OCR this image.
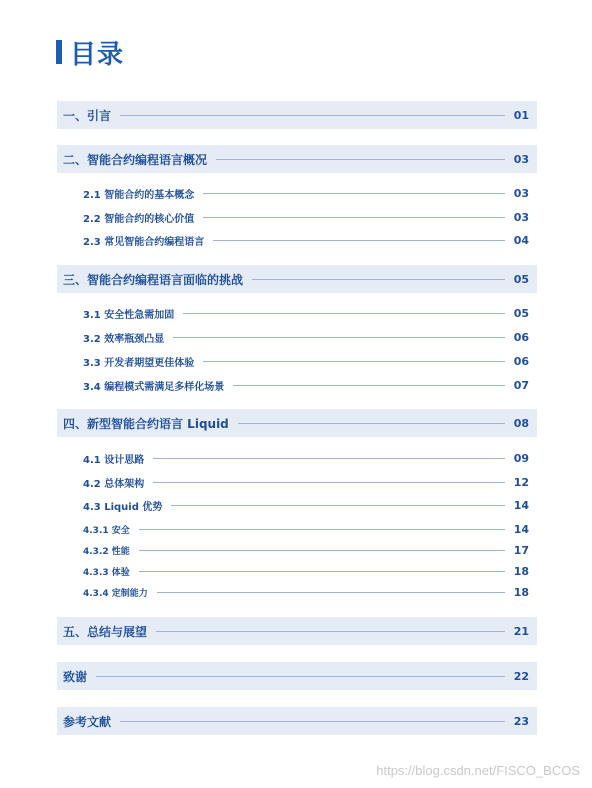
目录
一、引言	01
二、智能合约编程语言概况	03
2.1 智能合约的基本概念	03
2.2 智能合约的核心价值	03
2.3 常见智能合约编程语言	04
三、智能合约编程语言面临的挑战	05
3.1 安全性急需加固	05
3.2 效率瓶颈凸显	06
3.3 开发者期望更佳体验	06
3.4 编程模式需满足多样化场景	07
四、新型智能合约语言 Liquid	08
4.1 设计思路	09
4.2 总体架构	12
4.3 Liquid 优势	14
4.3.1 安全	14
4.3.2 性能	17
4.3.3 体验	18
4.3.4 定制能力	18
五、总结与展望	21
致谢	22
参考文献	23
https://blog.csdn.net/FISCO_BCOS
